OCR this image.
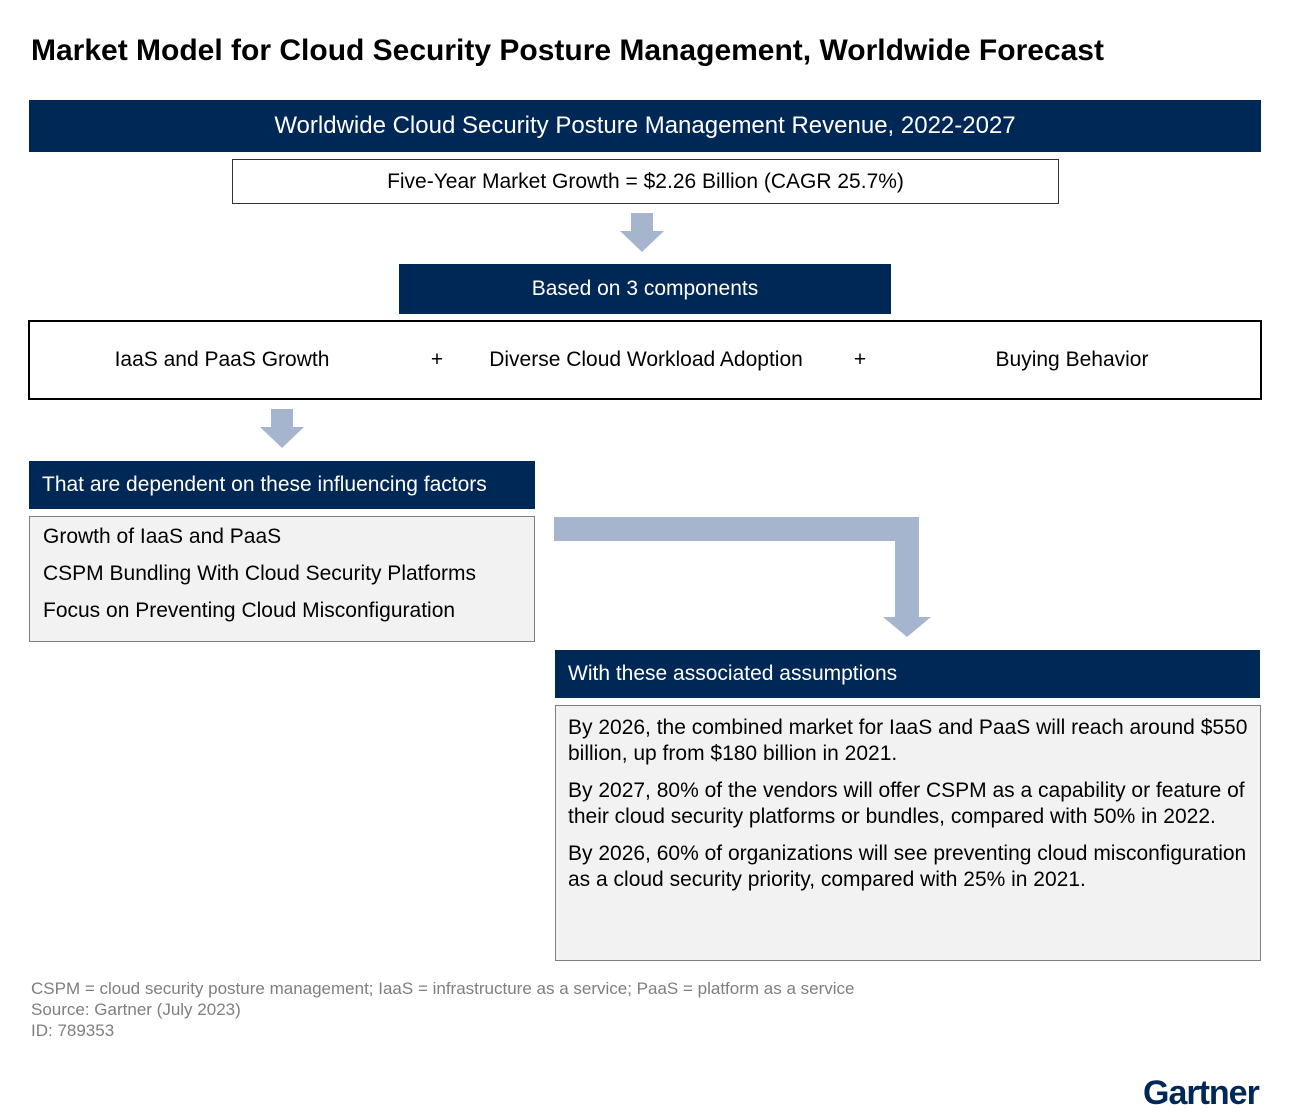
Market Model for Cloud Security Posture Management, Worldwide Forecast
Worldwide Cloud Security Posture Management Revenue, 2022-2027
Five-Year Market Growth = $2.26 Billion (CAGR 25.7%)
Based on 3 components
IaaS and PaaS Growth	+ Diverse Cloud Workload Adoption +	Buying Behavior
That are dependent on these influencing factors
Growth of IaaS and PaaS
CSPM Bundling With Cloud Security Platforms
Focus on Preventing Cloud Misconfiguration
With these associated assumptions
By 2026, the combined market for IaaS and PaaS will reach around $550 billion, up from $180 billion in 2021.
By 2027, 80% of the vendors will offer CSPM as a capability or feature of their cloud security platforms or bundles, compared with 50% in 2022.
By 2026, 60% of organizations will see preventing cloud misconfiguration as a cloud security priority, compared with 25% in 2021.
CSPM = cloud security posture management; IaaS = infrastructure as a service; PaaS = platform as a service
Source: Gartner (July 2023)
ID: 789353
Gartner
